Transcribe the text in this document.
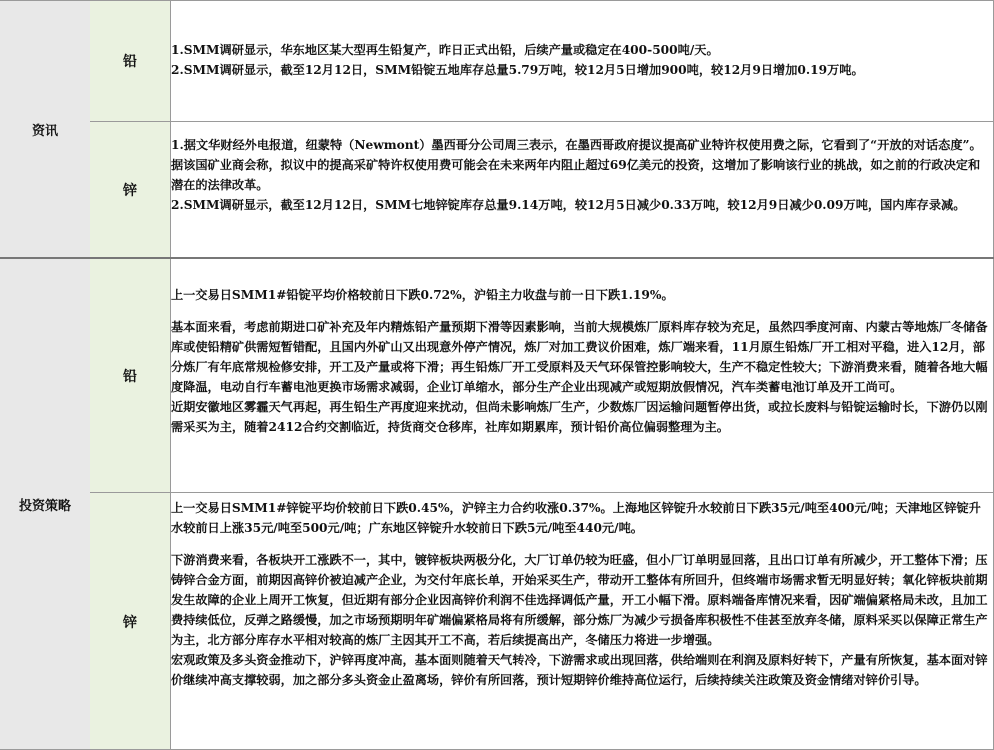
资讯
铅

1.SMM调研显示，华东地区某大型再生铅复产，昨日正式出铅，后续产量或稳定在400-500吨/天。

2.SMM调研显示，截至12月12日，SMM铅锭五地库存总量5.79万吨，较12月5日增加900吨，较12月9日增加0.19万吨。

锌

1.据文华财经外电报道，纽蒙特（Newmont）墨西哥分公司周三表示，在墨西哥政府提议提高矿业特许权使用费之际，它看到了“开放的对话态度”。据该国矿业商会称，拟议中的提高采矿特许权使用费可能会在未来两年内阻止超过69亿美元的投资，这增加了影响该行业的挑战，如之前的行政决定和潜在的法律改革。

2.SMM调研显示，截至12月12日，SMM七地锌锭库存总量9.14万吨，较12月5日减少0.33万吨，较12月9日减少0.09万吨，国内库存录减。

投资策略
铅

上一交易日SMM1#铅锭平均价格较前日下跌0.72%，沪铅主力收盘与前一日下跌1.19%。

基本面来看，考虑前期进口矿补充及年内精炼铅产量预期下滑等因素影响，当前大规模炼厂原料库存较为充足，虽然四季度河南、内蒙古等地炼厂冬储备库或使铅精矿供需短暂错配，且国内外矿山又出现意外停产情况，炼厂对加工费议价困难，炼厂端来看，11月原生铅炼厂开工相对平稳，进入12月，部分炼厂有年底常规检修安排，开工及产量或将下滑；再生铅炼厂开工受原料及天气环保管控影响较大，生产不稳定性较大；下游消费来看，随着各地大幅度降温，电动自行车蓄电池更换市场需求减弱，企业订单缩水，部分生产企业出现减产或短期放假情况，汽车类蓄电池订单及开工尚可。

近期安徽地区雾霾天气再起，再生铅生产再度迎来扰动，但尚未影响炼厂生产，少数炼厂因运输问题暂停出货，或拉长废料与铅锭运输时长，下游仍以刚需采买为主，随着2412合约交割临近，持货商交仓移库，社库如期累库，预计铅价高位偏弱整理为主。

锌

上一交易日SMM1#锌锭平均价较前日下跌0.45%，沪锌主力合约收涨0.37%。上海地区锌锭升水较前日下跌35元/吨至400元/吨；天津地区锌锭升水较前日上涨35元/吨至500元/吨；广东地区锌锭升水较前日下跌5元/吨至440元/吨。

下游消费来看，各板块开工涨跌不一，其中，镀锌板块两极分化，大厂订单仍较为旺盛，但小厂订单明显回落，且出口订单有所减少，开工整体下滑；压铸锌合金方面，前期因高锌价被迫减产企业，为交付年底长单，开始采买生产，带动开工整体有所回升，但终端市场需求暂无明显好转；氧化锌板块前期发生故障的企业上周开工恢复，但近期有部分企业因高锌价利润不佳选择调低产量，开工小幅下滑。原料端备库情况来看，因矿端偏紧格局未改，且加工费持续低位，反弹之路缓慢，加之市场预期明年矿端偏紧格局将有所缓解，部分炼厂为减少亏损备库积极性不佳甚至放弃冬储，原料采买以保障正常生产为主，北方部分库存水平相对较高的炼厂主因其开工不高，若后续提高出产，冬储压力将进一步增强。

宏观政策及多头资金推动下，沪锌再度冲高，基本面则随着天气转冷，下游需求或出现回落，供给端则在利润及原料好转下，产量有所恢复，基本面对锌价继续冲高支撑较弱，加之部分多头资金止盈离场，锌价有所回落，预计短期锌价维持高位运行，后续持续关注政策及资金情绪对锌价引导。
